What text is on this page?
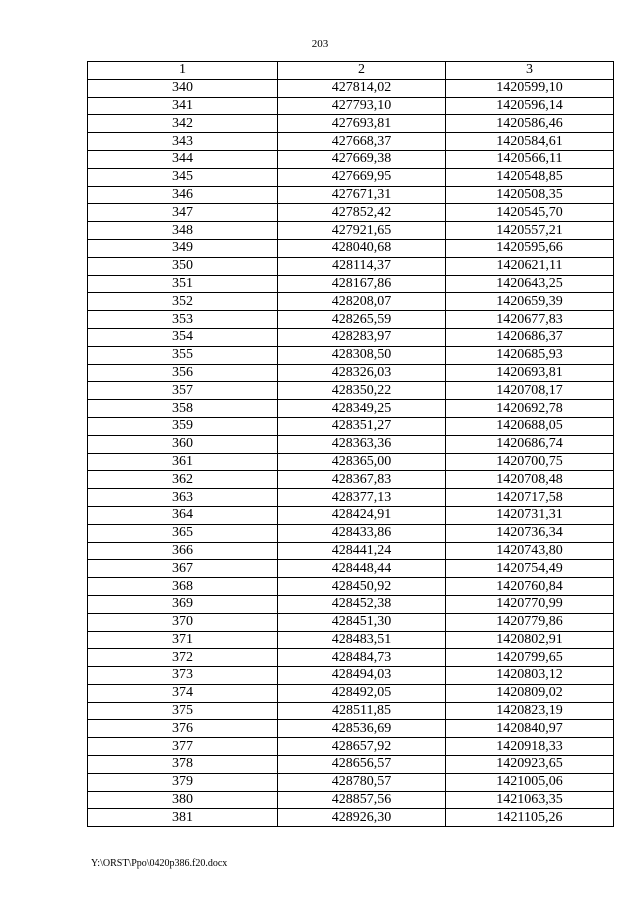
203
1	2	3
340	427814,02	1420599,10
341	427793,10	1420596,14
342	427693,81	1420586,46
343	427668,37	1420584,61
344	427669,38	1420566,11
345	427669,95	1420548,85
346	427671,31	1420508,35
347	427852,42	1420545,70
348	427921,65	1420557,21
349	428040,68	1420595,66
350	428114,37	1420621,11
351	428167,86	1420643,25
352	428208,07	1420659,39
353	428265,59	1420677,83
354	428283,97	1420686,37
355	428308,50	1420685,93
356	428326,03	1420693,81
357	428350,22	1420708,17
358	428349,25	1420692,78
359	428351,27	1420688,05
360	428363,36	1420686,74
361	428365,00	1420700,75
362	428367,83	1420708,48
363	428377,13	1420717,58
364	428424,91	1420731,31
365	428433,86	1420736,34
366	428441,24	1420743,80
367	428448,44	1420754,49
368	428450,92	1420760,84
369	428452,38	1420770,99
370	428451,30	1420779,86
371	428483,51	1420802,91
372	428484,73	1420799,65
373	428494,03	1420803,12
374	428492,05	1420809,02
375	428511,85	1420823,19
376	428536,69	1420840,97
377	428657,92	1420918,33
378	428656,57	1420923,65
379	428780,57	1421005,06
380	428857,56	1421063,35
381	428926,30	1421105,26
Y:\ORST\Ppo\0420p386.f20.docx
